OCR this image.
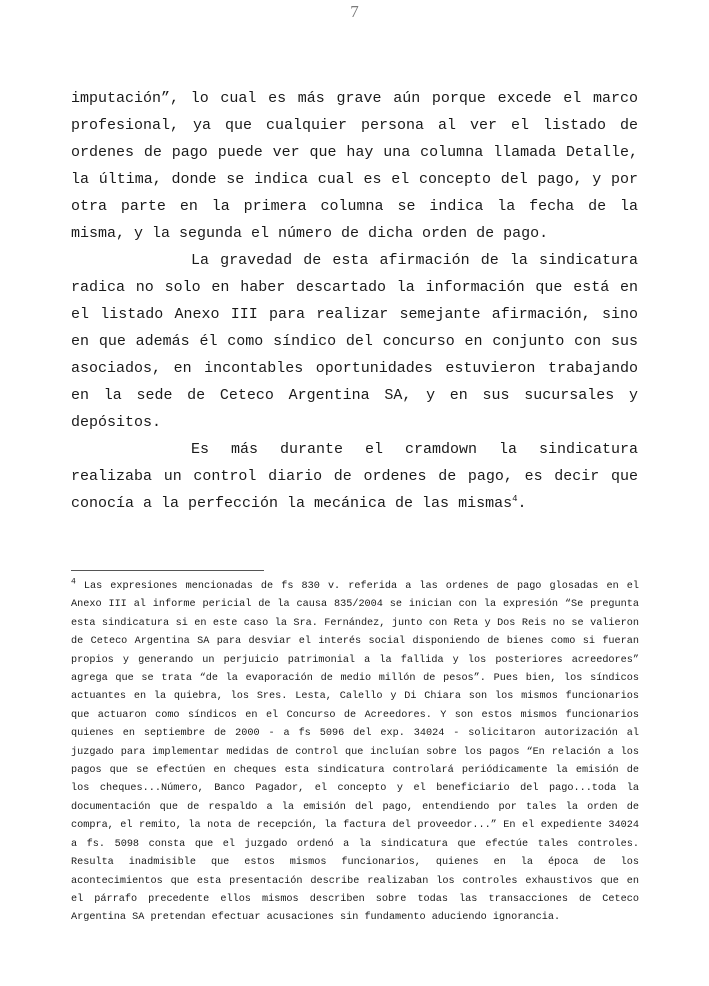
7

imputación”, lo cual es más grave aún porque excede el marco profesional, ya que cualquier persona al ver el listado de ordenes de pago puede ver que hay una columna llamada Detalle, la última, donde se indica cual es el concepto del pago, y por otra parte en la primera columna se indica la fecha de la misma, y la segunda el número de dicha orden de pago.

La gravedad de esta afirmación de la sindicatura radica no solo en haber descartado la información que está en el listado Anexo III para realizar semejante afirmación, sino en que además él como síndico del concurso en conjunto con sus asociados, en incontables oportunidades estuvieron trabajando en la sede de Ceteco Argentina SA, y en sus sucursales y depósitos.

Es más durante el cramdown la sindicatura realizaba un control diario de ordenes de pago, es decir que conocía a la perfección la mecánica de las mismas$^4$.

$^4$ Las expresiones mencionadas de fs 830 v. referida a las ordenes de pago glosadas en el Anexo III al informe pericial de la causa 835/2004 se inician con la expresión “Se pregunta esta sindicatura si en este caso la Sra. Fernández, junto con Reta y Dos Reis no se valieron de Ceteco Argentina SA para desviar el interés social disponiendo de bienes como si fueran propios y generando un perjuicio patrimonial a la fallida y los posteriores acreedores” agrega que se trata “de la evaporación de medio millón de pesos”. Pues bien, los síndicos actuantes en la quiebra, los Sres. Lesta, Calello y Di Chiara son los mismos funcionarios que actuaron como síndicos en el Concurso de Acreedores. Y son estos mismos funcionarios quienes en septiembre de 2000 - a fs 5096 del exp. 34024 - solicitaron autorización al juzgado para implementar medidas de control que incluían sobre los pagos “En relación a los pagos que se efectúen en cheques esta sindicatura controlará periódicamente la emisión de los cheques...Número, Banco Pagador, el concepto y el beneficiario del pago...toda la documentación que de respaldo a la emisión del pago, entendiendo por tales la orden de compra, el remito, la nota de recepción, la factura del proveedor...” En el expediente 34024 a fs. 5098 consta que el juzgado ordenó a la sindicatura que efectúe tales controles. Resulta inadmisible que estos mismos funcionarios, quienes en la época de los acontecimientos que esta presentación describe realizaban los controles exhaustivos que en el párrafo precedente ellos mismos describen sobre todas las transacciones de Ceteco Argentina SA pretendan efectuar acusaciones sin fundamento aduciendo ignorancia.
